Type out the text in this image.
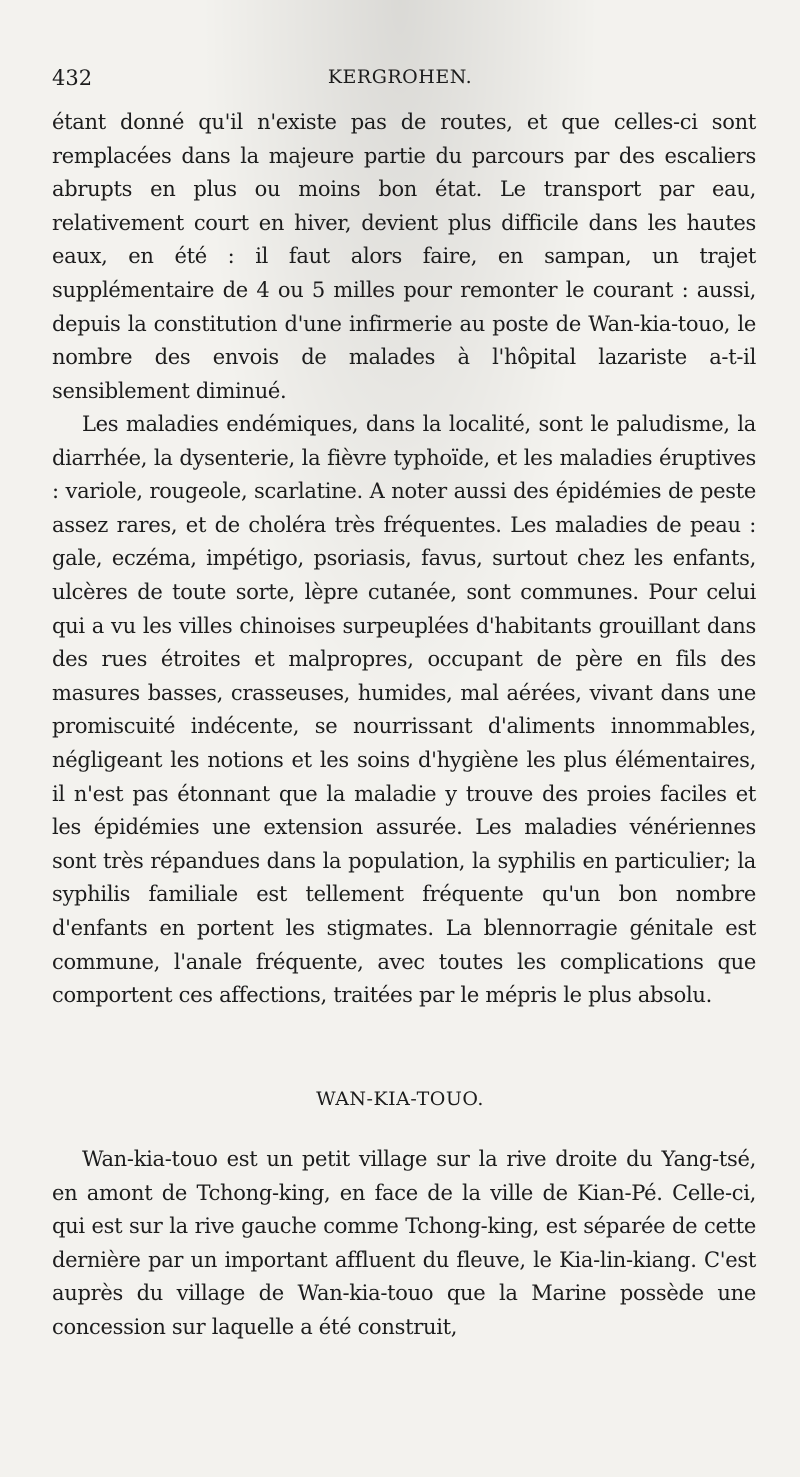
432	KERGROHEN.

étant donné qu'il n'existe pas de routes, et que celles-ci sont remplacées dans la majeure partie du parcours par des escaliers abrupts en plus ou moins bon état. Le transport par eau, relativement court en hiver, devient plus difficile dans les hautes eaux, en été : il faut alors faire, en sampan, un trajet supplémentaire de 4 ou 5 milles pour remonter le courant : aussi, depuis la constitution d'une infirmerie au poste de Wan-kia-touo, le nombre des envois de malades à l'hôpital lazariste a-t-il sensiblement diminué.

Les maladies endémiques, dans la localité, sont le paludisme, la diarrhée, la dysenterie, la fièvre typhoïde, et les maladies éruptives : variole, rougeole, scarlatine. A noter aussi des épidémies de peste assez rares, et de choléra très fréquentes. Les maladies de peau : gale, eczéma, impétigo, psoriasis, favus, surtout chez les enfants, ulcères de toute sorte, lèpre cutanée, sont communes. Pour celui qui a vu les villes chinoises surpeuplées d'habitants grouillant dans des rues étroites et malpropres, occupant de père en fils des masures basses, crasseuses, humides, mal aérées, vivant dans une promiscuité indécente, se nourrissant d'aliments innommables, négligeant les notions et les soins d'hygiène les plus élémentaires, il n'est pas étonnant que la maladie y trouve des proies faciles et les épidémies une extension assurée. Les maladies vénériennes sont très répandues dans la population, la syphilis en particulier; la syphilis familiale est tellement fréquente qu'un bon nombre d'enfants en portent les stigmates. La blennorragie génitale est commune, l'anale fréquente, avec toutes les complications que comportent ces affections, traitées par le mépris le plus absolu.

WAN-KIA-TOUO.

Wan-kia-touo est un petit village sur la rive droite du Yang-tsé, en amont de Tchong-king, en face de la ville de Kian-Pé. Celle-ci, qui est sur la rive gauche comme Tchong-king, est séparée de cette dernière par un important affluent du fleuve, le Kia-lin-kiang. C'est auprès du village de Wan-kia-touo que la Marine possède une concession sur laquelle a été construit,
